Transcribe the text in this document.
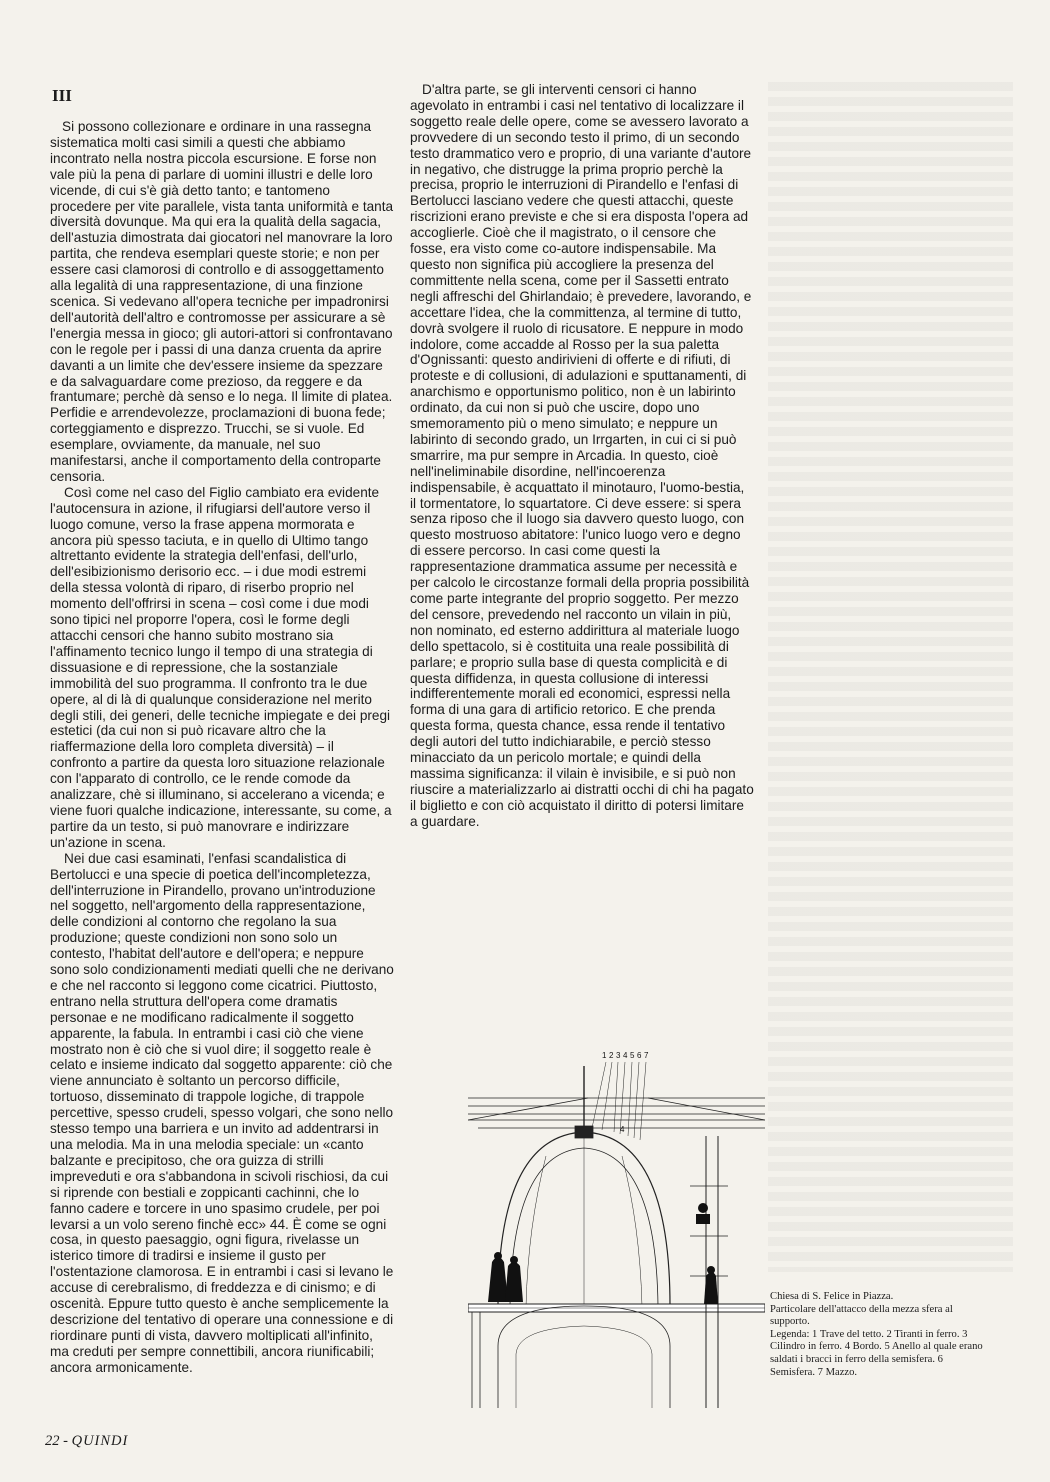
III

Si possono collezionare e ordinare in una rassegna sistematica molti casi simili a questi che abbiamo incontrato nella nostra piccola escursione. E forse non vale più la pena di parlare di uomini illustri e delle loro vicende, di cui s'è già detto tanto; e tantomeno procedere per vite parallele, vista tanta uniformità e tanta diversità dovunque. Ma qui era la qualità della sagacia, dell'astuzia dimostrata dai giocatori nel manovrare la loro partita, che rendeva esemplari queste storie; e non per essere casi clamorosi di controllo e di assoggettamento alla legalità di una rappresentazione, di una finzione scenica. Si vedevano all'opera tecniche per impadronirsi dell'autorità dell'altro e contromosse per assicurare a sè l'energia messa in gioco; gli autori-attori si confrontavano con le regole per i passi di una danza cruenta da aprire davanti a un limite che dev'essere insieme da spezzare e da salvaguardare come prezioso, da reggere e da frantumare; perchè dà senso e lo nega. Il limite di platea. Perfidie e arrendevolezze, proclamazioni di buona fede; corteggiamento e disprezzo. Trucchi, se si vuole. Ed esemplare, ovviamente, da manuale, nel suo manifestarsi, anche il comportamento della controparte censoria.

Così come nel caso del Figlio cambiato era evidente l'autocensura in azione, il rifugiarsi dell'autore verso il luogo comune, verso la frase appena mormorata e ancora più spesso taciuta, e in quello di Ultimo tango altrettanto evidente la strategia dell'enfasi, dell'urlo, dell'esibizionismo derisorio ecc. – i due modi estremi della stessa volontà di riparo, di riserbo proprio nel momento dell'offrirsi in scena – così come i due modi sono tipici nel proporre l'opera, così le forme degli attacchi censori che hanno subito mostrano sia l'affinamento tecnico lungo il tempo di una strategia di dissuasione e di repressione, che la sostanziale immobilità del suo programma. Il confronto tra le due opere, al di là di qualunque considerazione nel merito degli stili, dei generi, delle tecniche impiegate e dei pregi estetici (da cui non si può ricavare altro che la riaffermazione della loro completa diversità) – il confronto a partire da questa loro situazione relazionale con l'apparato di controllo, ce le rende comode da analizzare, chè si illuminano, si accelerano a vicenda; e viene fuori qualche indicazione, interessante, su come, a partire da un testo, si può manovrare e indirizzare un'azione in scena.

Nei due casi esaminati, l'enfasi scandalistica di Bertolucci e una specie di poetica dell'incompletezza, dell'interruzione in Pirandello, provano un'introduzione nel soggetto, nell'argomento della rappresentazione, delle condizioni al contorno che regolano la sua produzione; queste condizioni non sono solo un contesto, l'habitat dell'autore e dell'opera; e neppure sono solo condizionamenti mediati quelli che ne derivano e che nel racconto si leggono come cicatrici. Piuttosto, entrano nella struttura dell'opera come dramatis personae e ne modificano radicalmente il soggetto apparente, la fabula. In entrambi i casi ciò che viene mostrato non è ciò che si vuol dire; il soggetto reale è celato e insieme indicato dal soggetto apparente: ciò che viene annunciato è soltanto un percorso difficile, tortuoso, disseminato di trappole logiche, di trappole percettive, spesso crudeli, spesso volgari, che sono nello stesso tempo una barriera e un invito ad addentrarsi in una melodia. Ma in una melodia speciale: un «canto balzante e precipitoso, che ora guizza di strilli impreveduti e ora s'abbandona in scivoli rischiosi, da cui si riprende con bestiali e zoppicanti cachinni, che lo fanno cadere e torcere in uno spasimo crudele, per poi levarsi a un volo sereno finchè ecc» 44. È come se ogni cosa, in questo paesaggio, ogni figura, rivelasse un isterico timore di tradirsi e insieme il gusto per l'ostentazione clamorosa. E in entrambi i casi si levano le accuse di cerebralismo, di freddezza e di cinismo; e di oscenità. Eppure tutto questo è anche semplicemente la descrizione del tentativo di operare una connessione e di riordinare punti di vista, davvero moltiplicati all'infinito, ma creduti per sempre connettibili, ancora riunificabili; ancora armonicamente.

D'altra parte, se gli interventi censori ci hanno agevolato in entrambi i casi nel tentativo di localizzare il soggetto reale delle opere, come se avessero lavorato a provvedere di un secondo testo il primo, di un secondo testo drammatico vero e proprio, di una variante d'autore in negativo, che distrugge la prima proprio perchè la precisa, proprio le interruzioni di Pirandello e l'enfasi di Bertolucci lasciano vedere che questi attacchi, queste riscrizioni erano previste e che si era disposta l'opera ad accoglierle. Cioè che il magistrato, o il censore che fosse, era visto come co-autore indispensabile. Ma questo non significa più accogliere la presenza del committente nella scena, come per il Sassetti entrato negli affreschi del Ghirlandaio; è prevedere, lavorando, e accettare l'idea, che la committenza, al termine di tutto, dovrà svolgere il ruolo di ricusatore. E neppure in modo indolore, come accadde al Rosso per la sua paletta d'Ognissanti: questo andirivieni di offerte e di rifiuti, di proteste e di collusioni, di adulazioni e sputtanamenti, di anarchismo e opportunismo politico, non è un labirinto ordinato, da cui non si può che uscire, dopo uno smemoramento più o meno simulato; e neppure un labirinto di secondo grado, un Irrgarten, in cui ci si può smarrire, ma pur sempre in Arcadia. In questo, cioè nell'ineliminabile disordine, nell'incoerenza indispensabile, è acquattato il minotauro, l'uomo-bestia, il tormentatore, lo squartatore. Ci deve essere: si spera senza riposo che il luogo sia davvero questo luogo, con questo mostruoso abitatore: l'unico luogo vero e degno di essere percorso. In casi come questi la rappresentazione drammatica assume per necessità e per calcolo le circostanze formali della propria possibilità come parte integrante del proprio soggetto. Per mezzo del censore, prevedendo nel racconto un vilain in più, non nominato, ed esterno addirittura al materiale luogo dello spettacolo, si è costituita una reale possibilità di parlare; e proprio sulla base di questa complicità e di questa diffidenza, in questa collusione di interessi indifferentemente morali ed economici, espressi nella forma di una gara di artificio retorico. E che prenda questa forma, questa chance, essa rende il tentativo degli autori del tutto indichiarabile, e perciò stesso minacciato da un pericolo mortale; e quindi della massima significanza: il vilain è invisibile, e si può non riuscire a materializzarlo ai distratti occhi di chi ha pagato il biglietto e con ciò acquistato il diritto di potersi limitare a guardare.

1 2 3 4 5 6 7
4
Chiesa di S. Felice in Piazza.
Particolare dell'attacco della mezza sfera al supporto.
Legenda: 1 Trave del tetto. 2 Tiranti in ferro. 3 Cilindro in ferro. 4 Bordo. 5 Anello al quale erano saldati i bracci in ferro della semisfera. 6 Semisfera. 7 Mazzo.
22 - QUINDI
